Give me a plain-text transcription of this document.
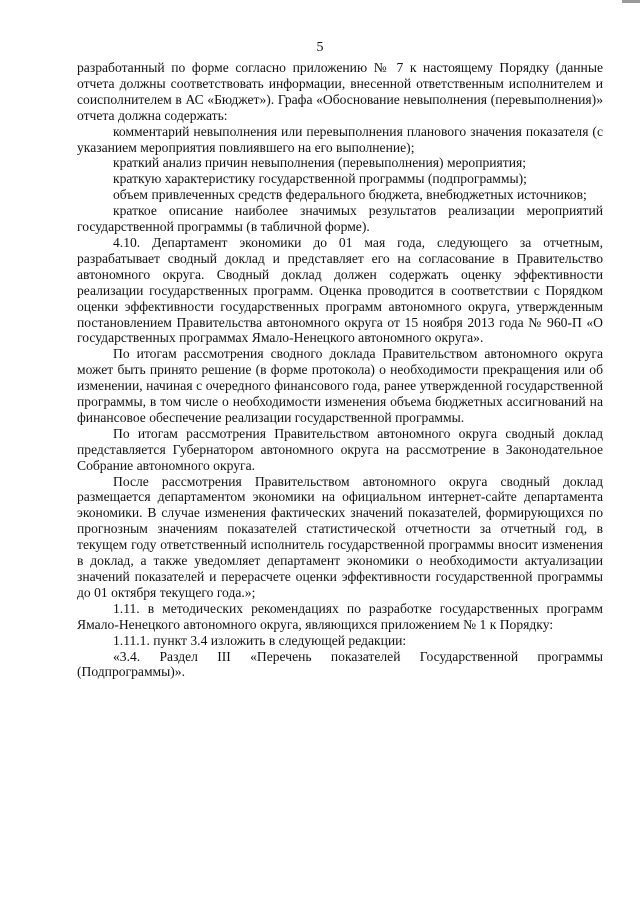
5

разработанный по форме согласно приложению № 7 к настоящему Порядку (данные отчета должны соответствовать информации, внесенной ответственным исполнителем и соисполнителем в АС «Бюджет»). Графа «Обоснование невыполнения (перевыполнения)» отчета должна содержать:

комментарий невыполнения или перевыполнения планового значения показателя (с указанием мероприятия повлиявшего на его выполнение);

краткий анализ причин невыполнения (перевыполнения) мероприятия;

краткую характеристику государственной программы (подпрограммы);

объем привлеченных средств федерального бюджета, внебюджетных источников;

краткое описание наиболее значимых результатов реализации мероприятий государственной программы (в табличной форме).

4.10. Департамент экономики до 01 мая года, следующего за отчетным, разрабатывает сводный доклад и представляет его на согласование в Правительство автономного округа. Сводный доклад должен содержать оценку эффективности реализации государственных программ. Оценка проводится в соответствии с Порядком оценки эффективности государственных программ автономного округа, утвержденным постановлением Правительства автономного округа от 15 ноября 2013 года № 960-П «О государственных программах Ямало-Ненецкого автономного округа».

По итогам рассмотрения сводного доклада Правительством автономного округа может быть принято решение (в форме протокола) о необходимости прекращения или об изменении, начиная с очередного финансового года, ранее утвержденной государственной программы, в том числе о необходимости изменения объема бюджетных ассигнований на финансовое обеспечение реализации государственной программы.

По итогам рассмотрения Правительством автономного округа сводный доклад представляется Губернатором автономного округа на рассмотрение в Законодательное Собрание автономного округа.

После рассмотрения Правительством автономного округа сводный доклад размещается департаментом экономики на официальном интернет-сайте департамента экономики. В случае изменения фактических значений показателей, формирующихся по прогнозным значениям показателей статистической отчетности за отчетный год, в текущем году ответственный исполнитель государственной программы вносит изменения в доклад, а также уведомляет департамент экономики о необходимости актуализации значений показателей и перерасчете оценки эффективности государственной программы до 01 октября текущего года.»;

1.11. в методических рекомендациях по разработке государственных программ Ямало-Ненецкого автономного округа, являющихся приложением № 1 к Порядку:

1.11.1. пункт 3.4 изложить в следующей редакции:

«3.4. Раздел III «Перечень показателей Государственной программы (Подпрограммы)».
